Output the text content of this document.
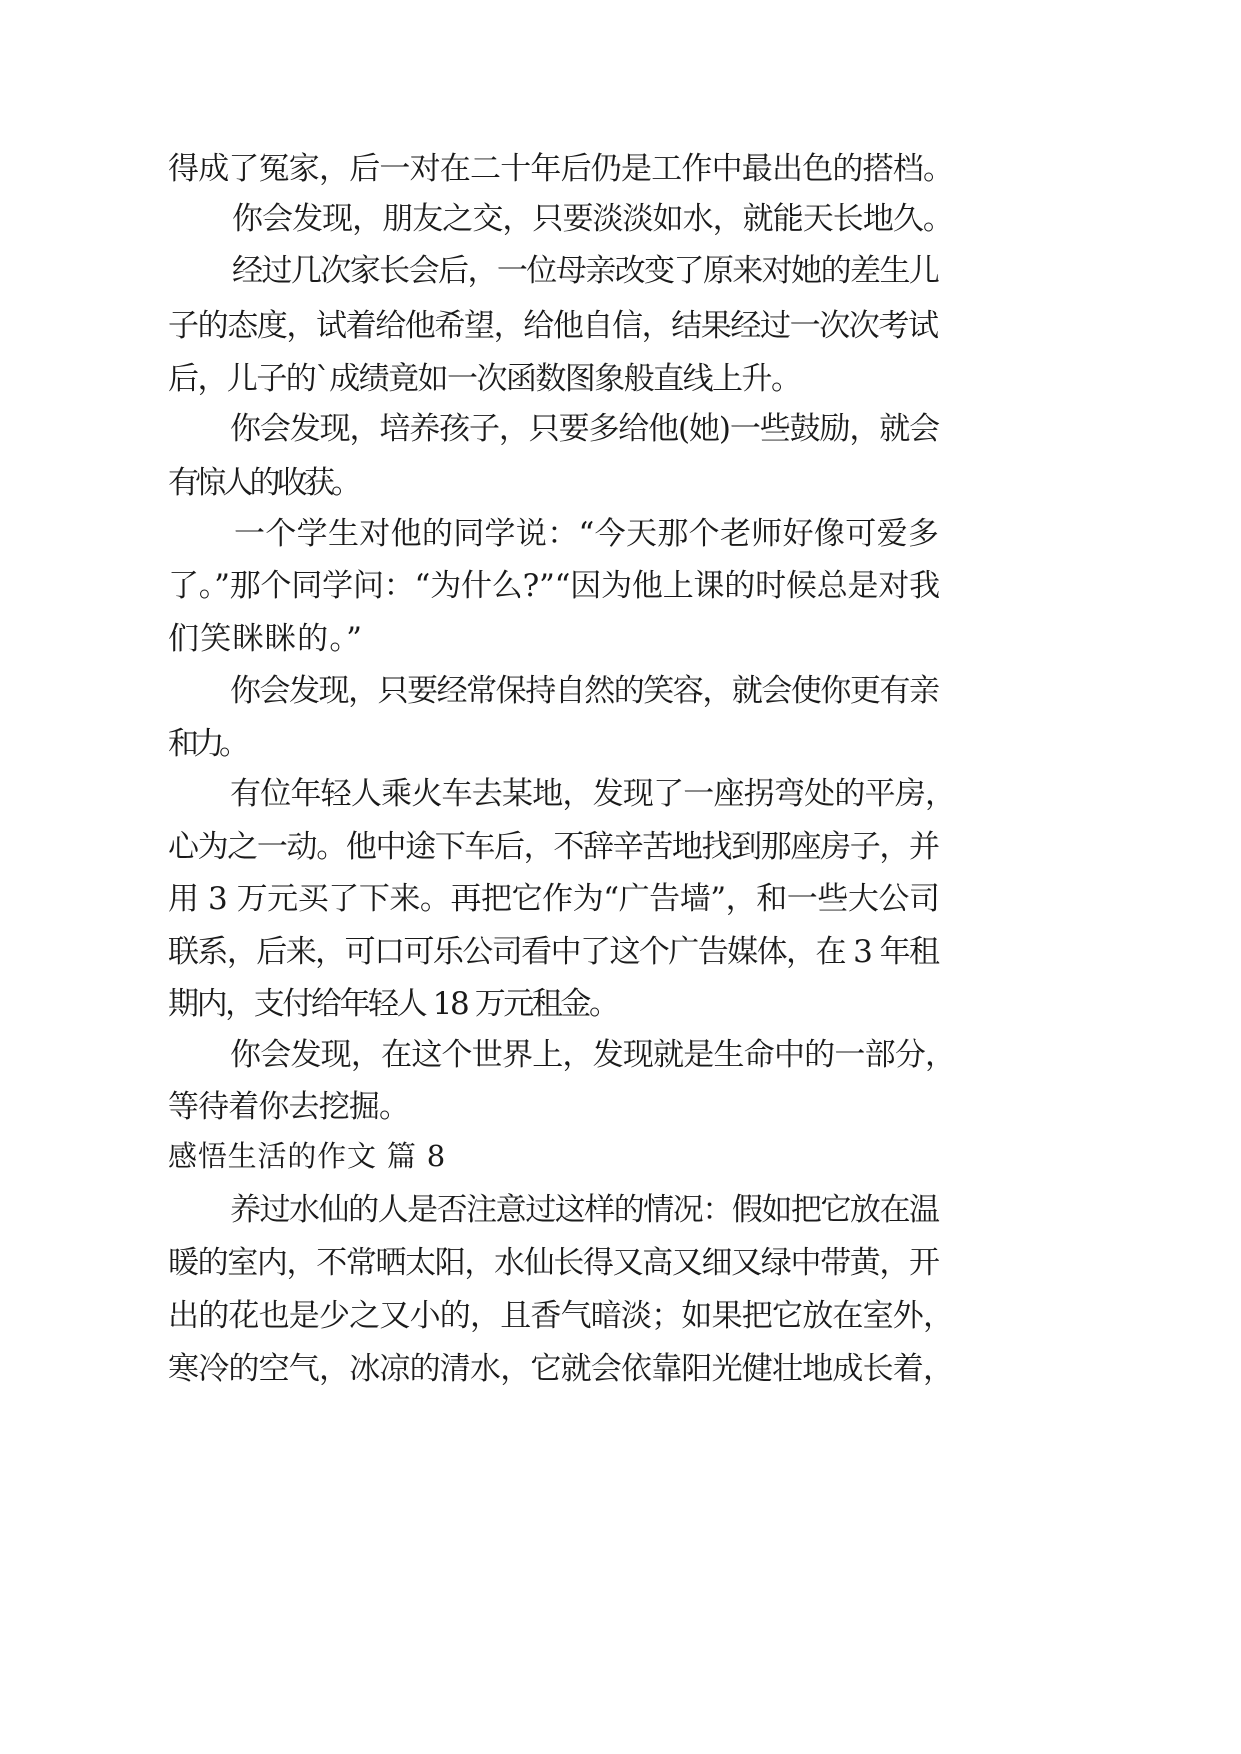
得成了冤家，后一对在二十年后仍是工作中最出色的搭档。
你会发现，朋友之交，只要淡淡如水，就能天长地久。
经过几次家长会后，一位母亲改变了原来对她的差生儿
子的态度，试着给他希望，给他自信，结果经过一次次考试
后，儿子的`成绩竟如一次函数图象般直线上升。
你会发现，培养孩子，只要多给他(她)一些鼓励，就会
有惊人的收获。
一个学生对他的同学说：“今天那个老师好像可爱多
了。”那个同学问：“为什么?”“因为他上课的时候总是对我
们笑眯眯的。”
你会发现，只要经常保持自然的笑容，就会使你更有亲
和力。
有位年轻人乘火车去某地，发现了一座拐弯处的平房，
心为之一动。他中途下车后，不辞辛苦地找到那座房子，并
用 3 万元买了下来。再把它作为“广告墙”，和一些大公司
联系，后来，可口可乐公司看中了这个广告媒体，在 3 年租
期内，支付给年轻人 18 万元租金。
你会发现，在这个世界上，发现就是生命中的一部分，
等待着你去挖掘。
感悟生活的作文 篇 8
养过水仙的人是否注意过这样的情况：假如把它放在温
暖的室内，不常晒太阳，水仙长得又高又细又绿中带黄，开
出的花也是少之又小的，且香气暗淡；如果把它放在室外，
寒冷的空气，冰凉的清水，它就会依靠阳光健壮地成长着，
